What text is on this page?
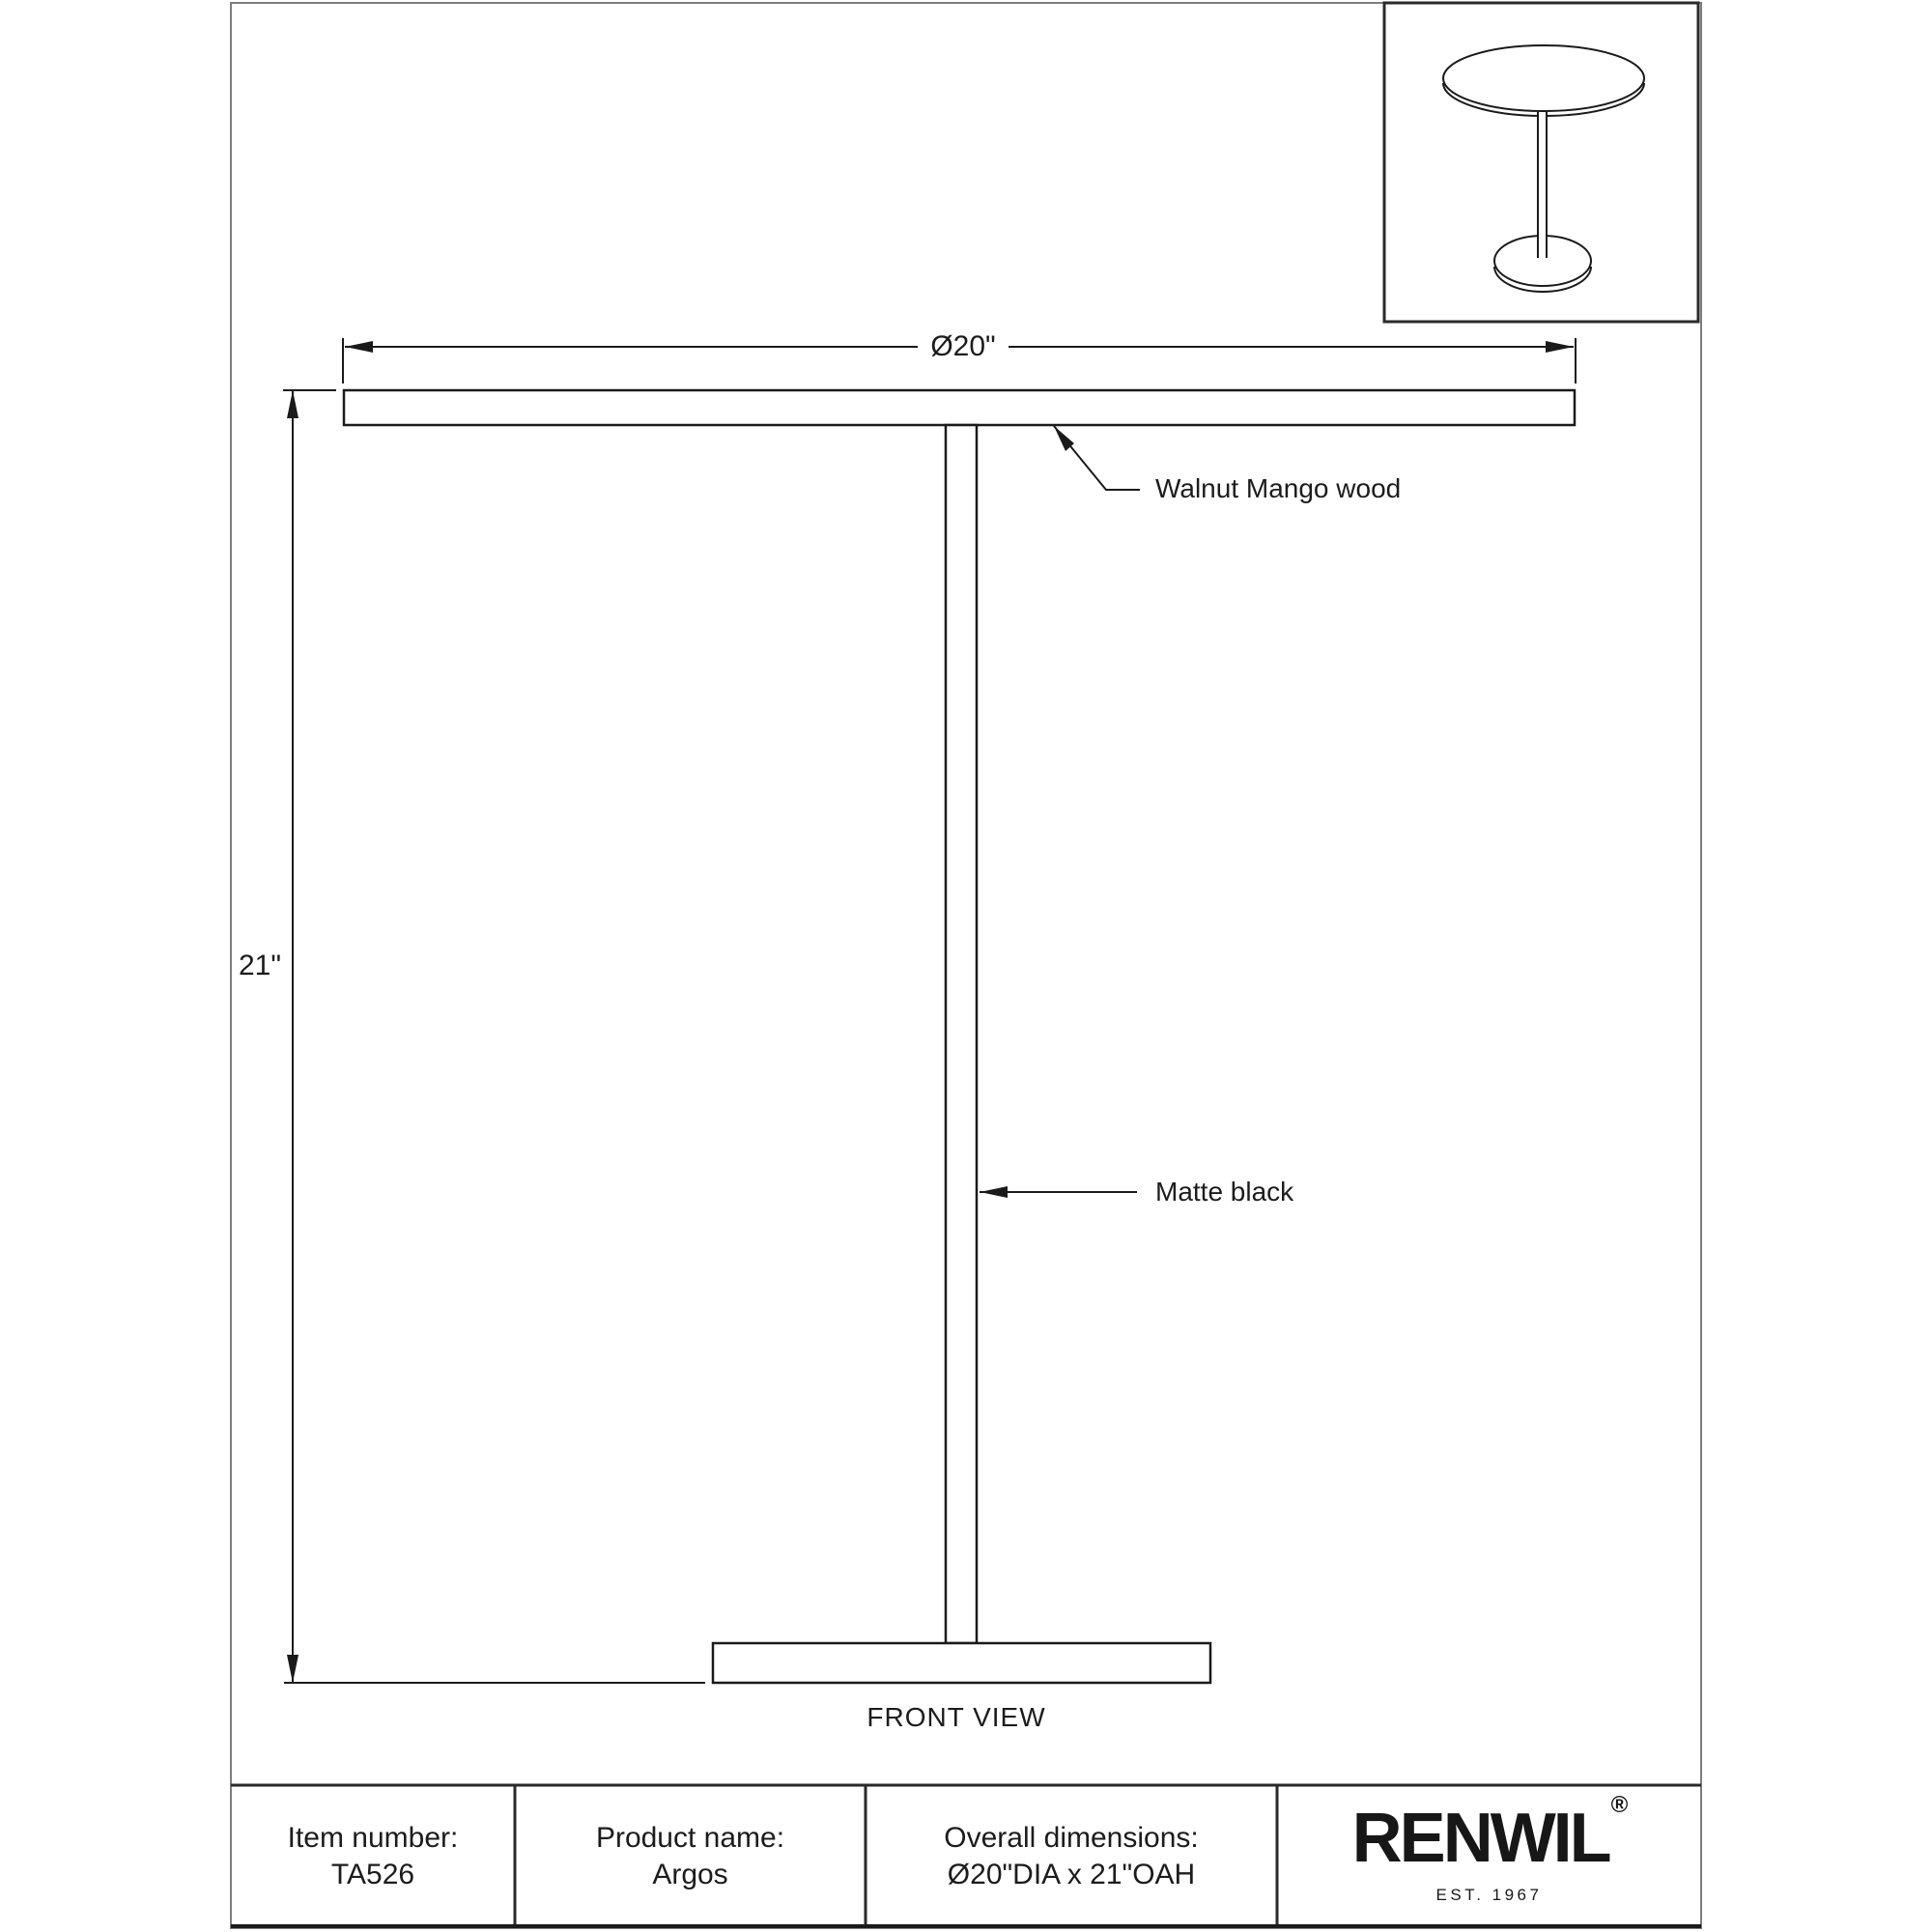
Ø20"
21"
Walnut Mango wood
Matte black
FRONT VIEW
Item number:
TA526
Product name:
Argos
Overall dimensions:
Ø20"DIA x 21"OAH RENWIL®
EST. 1967
